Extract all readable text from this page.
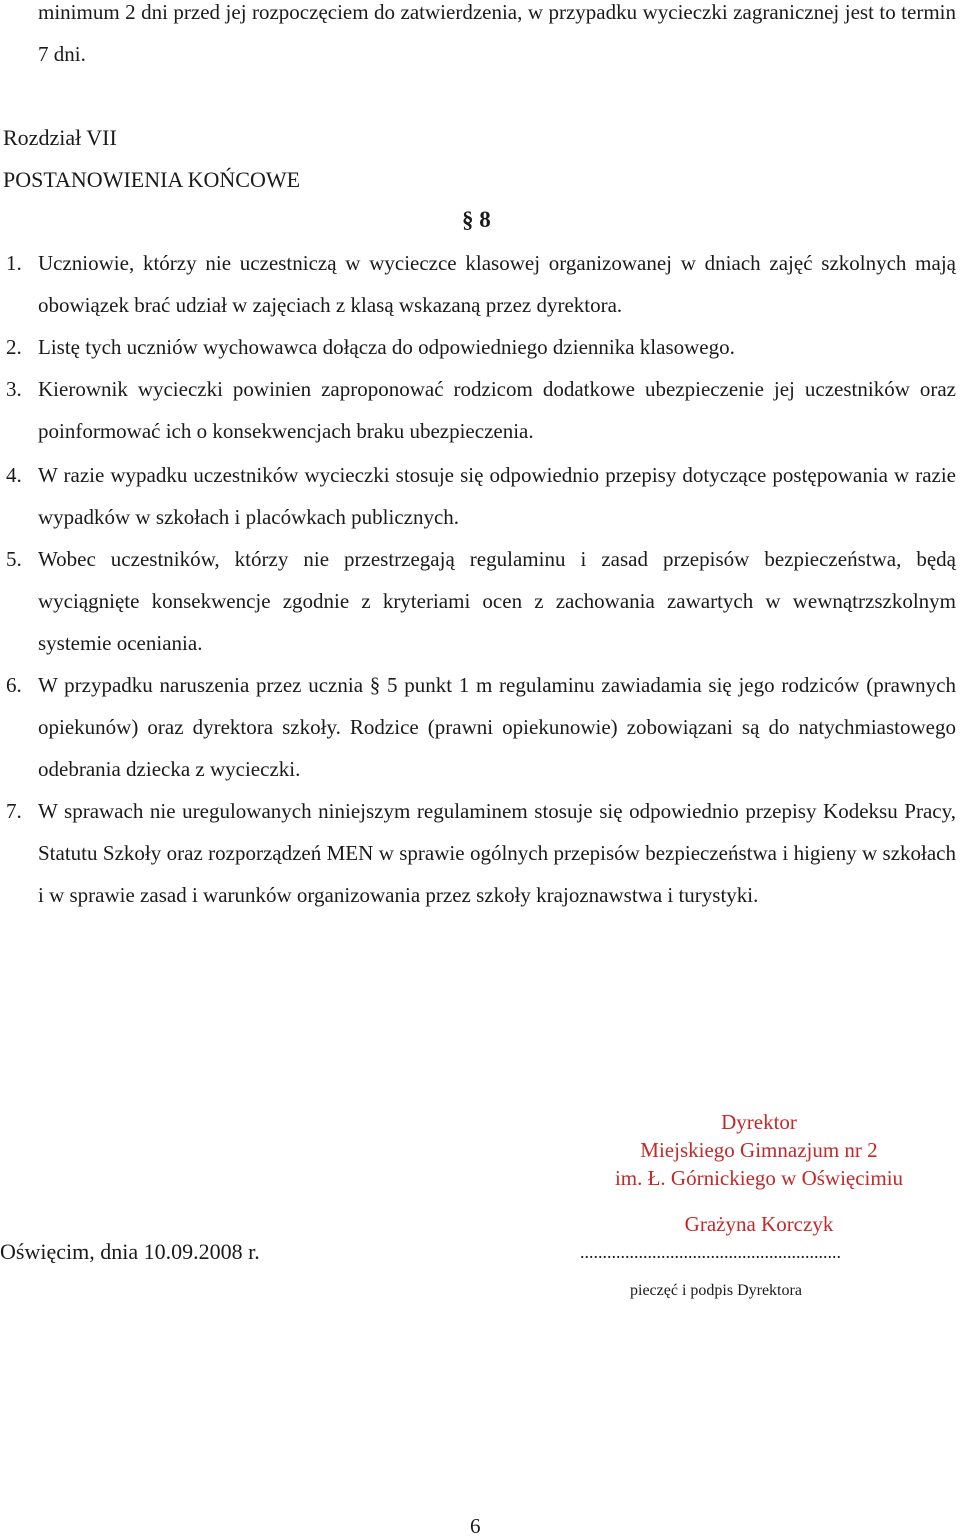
minimum 2 dni przed jej rozpoczęciem do zatwierdzenia, w przypadku wycieczki zagranicznej jest to termin 7 dni.

Rozdział VII

POSTANOWIENIA KOŃCOWE

§ 8

1. Uczniowie, którzy nie uczestniczą w wycieczce klasowej organizowanej w dniach zajęć szkolnych mają obowiązek brać udział w zajęciach z klasą wskazaną przez dyrektora.
2. Listę tych uczniów wychowawca dołącza do odpowiedniego dziennika klasowego.
3. Kierownik wycieczki powinien zaproponować rodzicom dodatkowe ubezpieczenie jej uczestników oraz poinformować ich o konsekwencjach braku ubezpieczenia.
4. W razie wypadku uczestników wycieczki stosuje się odpowiednio przepisy dotyczące postępowania w razie wypadków w szkołach i placówkach publicznych.
5. Wobec uczestników, którzy nie przestrzegają regulaminu i zasad przepisów bezpieczeństwa, będą wyciągnięte konsekwencje zgodnie z kryteriami ocen z zachowania zawartych w wewnątrzszkolnym systemie oceniania.
6. W przypadku naruszenia przez ucznia § 5 punkt 1 m regulaminu zawiadamia się jego rodziców (prawnych opiekunów) oraz dyrektora szkoły. Rodzice (prawni opiekunowie) zobowiązani są do natychmiastowego odebrania dziecka z wycieczki.
7. W sprawach nie uregulowanych niniejszym regulaminem stosuje się odpowiednio przepisy Kodeksu Pracy, Statutu Szkoły oraz rozporządzeń MEN w sprawie ogólnych przepisów bezpieczeństwa i higieny w szkołach i w sprawie zasad i warunków organizowania przez szkoły krajoznawstwa i turystyki.

Dyrektor

Miejskiego Gimnazjum nr 2

im. Ł. Górnickiego w Oświęcimiu

Grażyna Korczyk

Oświęcim, dnia 10.09.2008 r.	..........................................................

pieczęć i podpis Dyrektora

6
